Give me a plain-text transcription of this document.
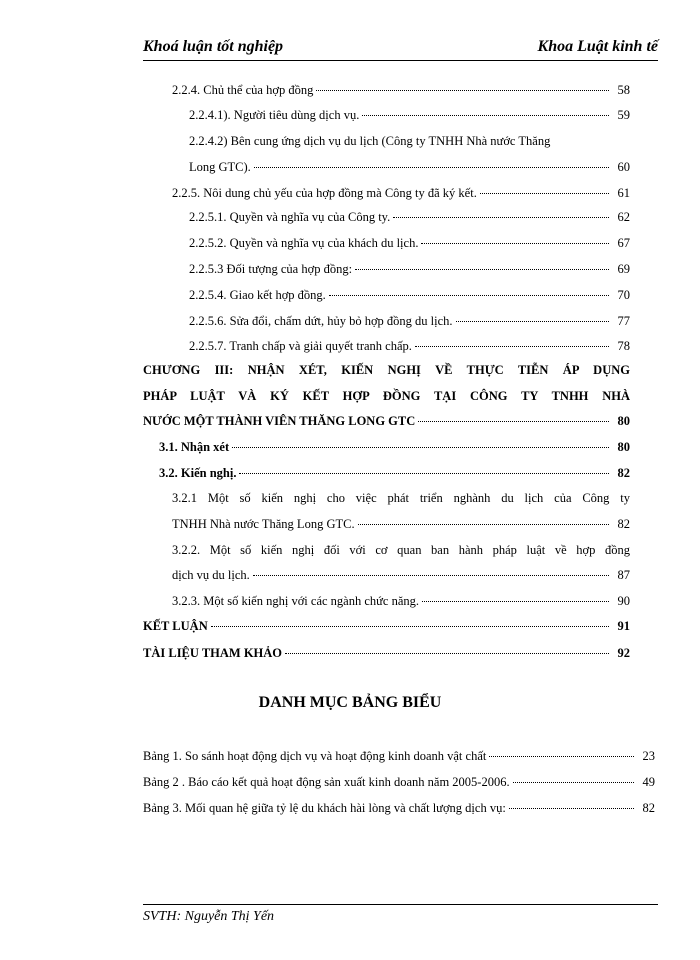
Khoá luận tốt nghiệp	Khoa Luật kinh tế
2.2.4. Chủ thể của hợp đồng	58
2.2.4.1). Người tiêu dùng dịch vụ.	59
2.2.4.2) Bên cung ứng dịch vụ du lịch (Công ty TNHH Nhà nước Thăng
Long GTC).	60
2.2.5. Nôi dung chủ yếu của hợp đồng mà Công ty đã ký kết.	61
2.2.5.1. Quyền và nghĩa vụ của Công ty.	62
2.2.5.2. Quyền và nghĩa vụ của khách du lịch.	67
2.2.5.3 Đối tượng của hợp đồng:	69
2.2.5.4. Giao kết hợp đồng.	70
2.2.5.6. Sửa đổi, chấm dứt, hủy bỏ hợp đồng du lịch.	77
2.2.5.7. Tranh chấp và giải quyết tranh chấp.	78
CHƯƠNG III: NHẬN XÉT, KIẾN NGHỊ VỀ THỰC TIỄN ÁP DỤNG
PHÁP LUẬT VÀ KÝ KẾT HỢP ĐỒNG TẠI CÔNG TY TNHH NHÀ
NƯỚC MỘT THÀNH VIÊN THĂNG LONG GTC	80
3.1. Nhận xét	80
3.2. Kiến nghị.	82
3.2.1 Một số kiến nghị cho việc phát triển nghành du lịch của Công ty
TNHH Nhà nước Thăng Long GTC.	82
3.2.2. Một số kiến nghị đối với cơ quan ban hành pháp luật về hợp đồng
dịch vụ du lịch.	87
3.2.3. Một số kiến nghị với các ngành chức năng.	90
KẾT LUẬN	91
TÀI LIỆU THAM KHẢO	92
DANH MỤC BẢNG BIỂU
Bảng 1. So sánh hoạt động dịch vụ và hoạt động kinh doanh vật chất	23
Bảng 2 . Báo cáo kết quả hoạt động sản xuất kinh doanh năm 2005-2006.	49
Bảng 3. Mối quan hệ giữa tỷ lệ du khách hài lòng và chất lượng dịch vụ:	82
SVTH: Nguyễn Thị Yến
